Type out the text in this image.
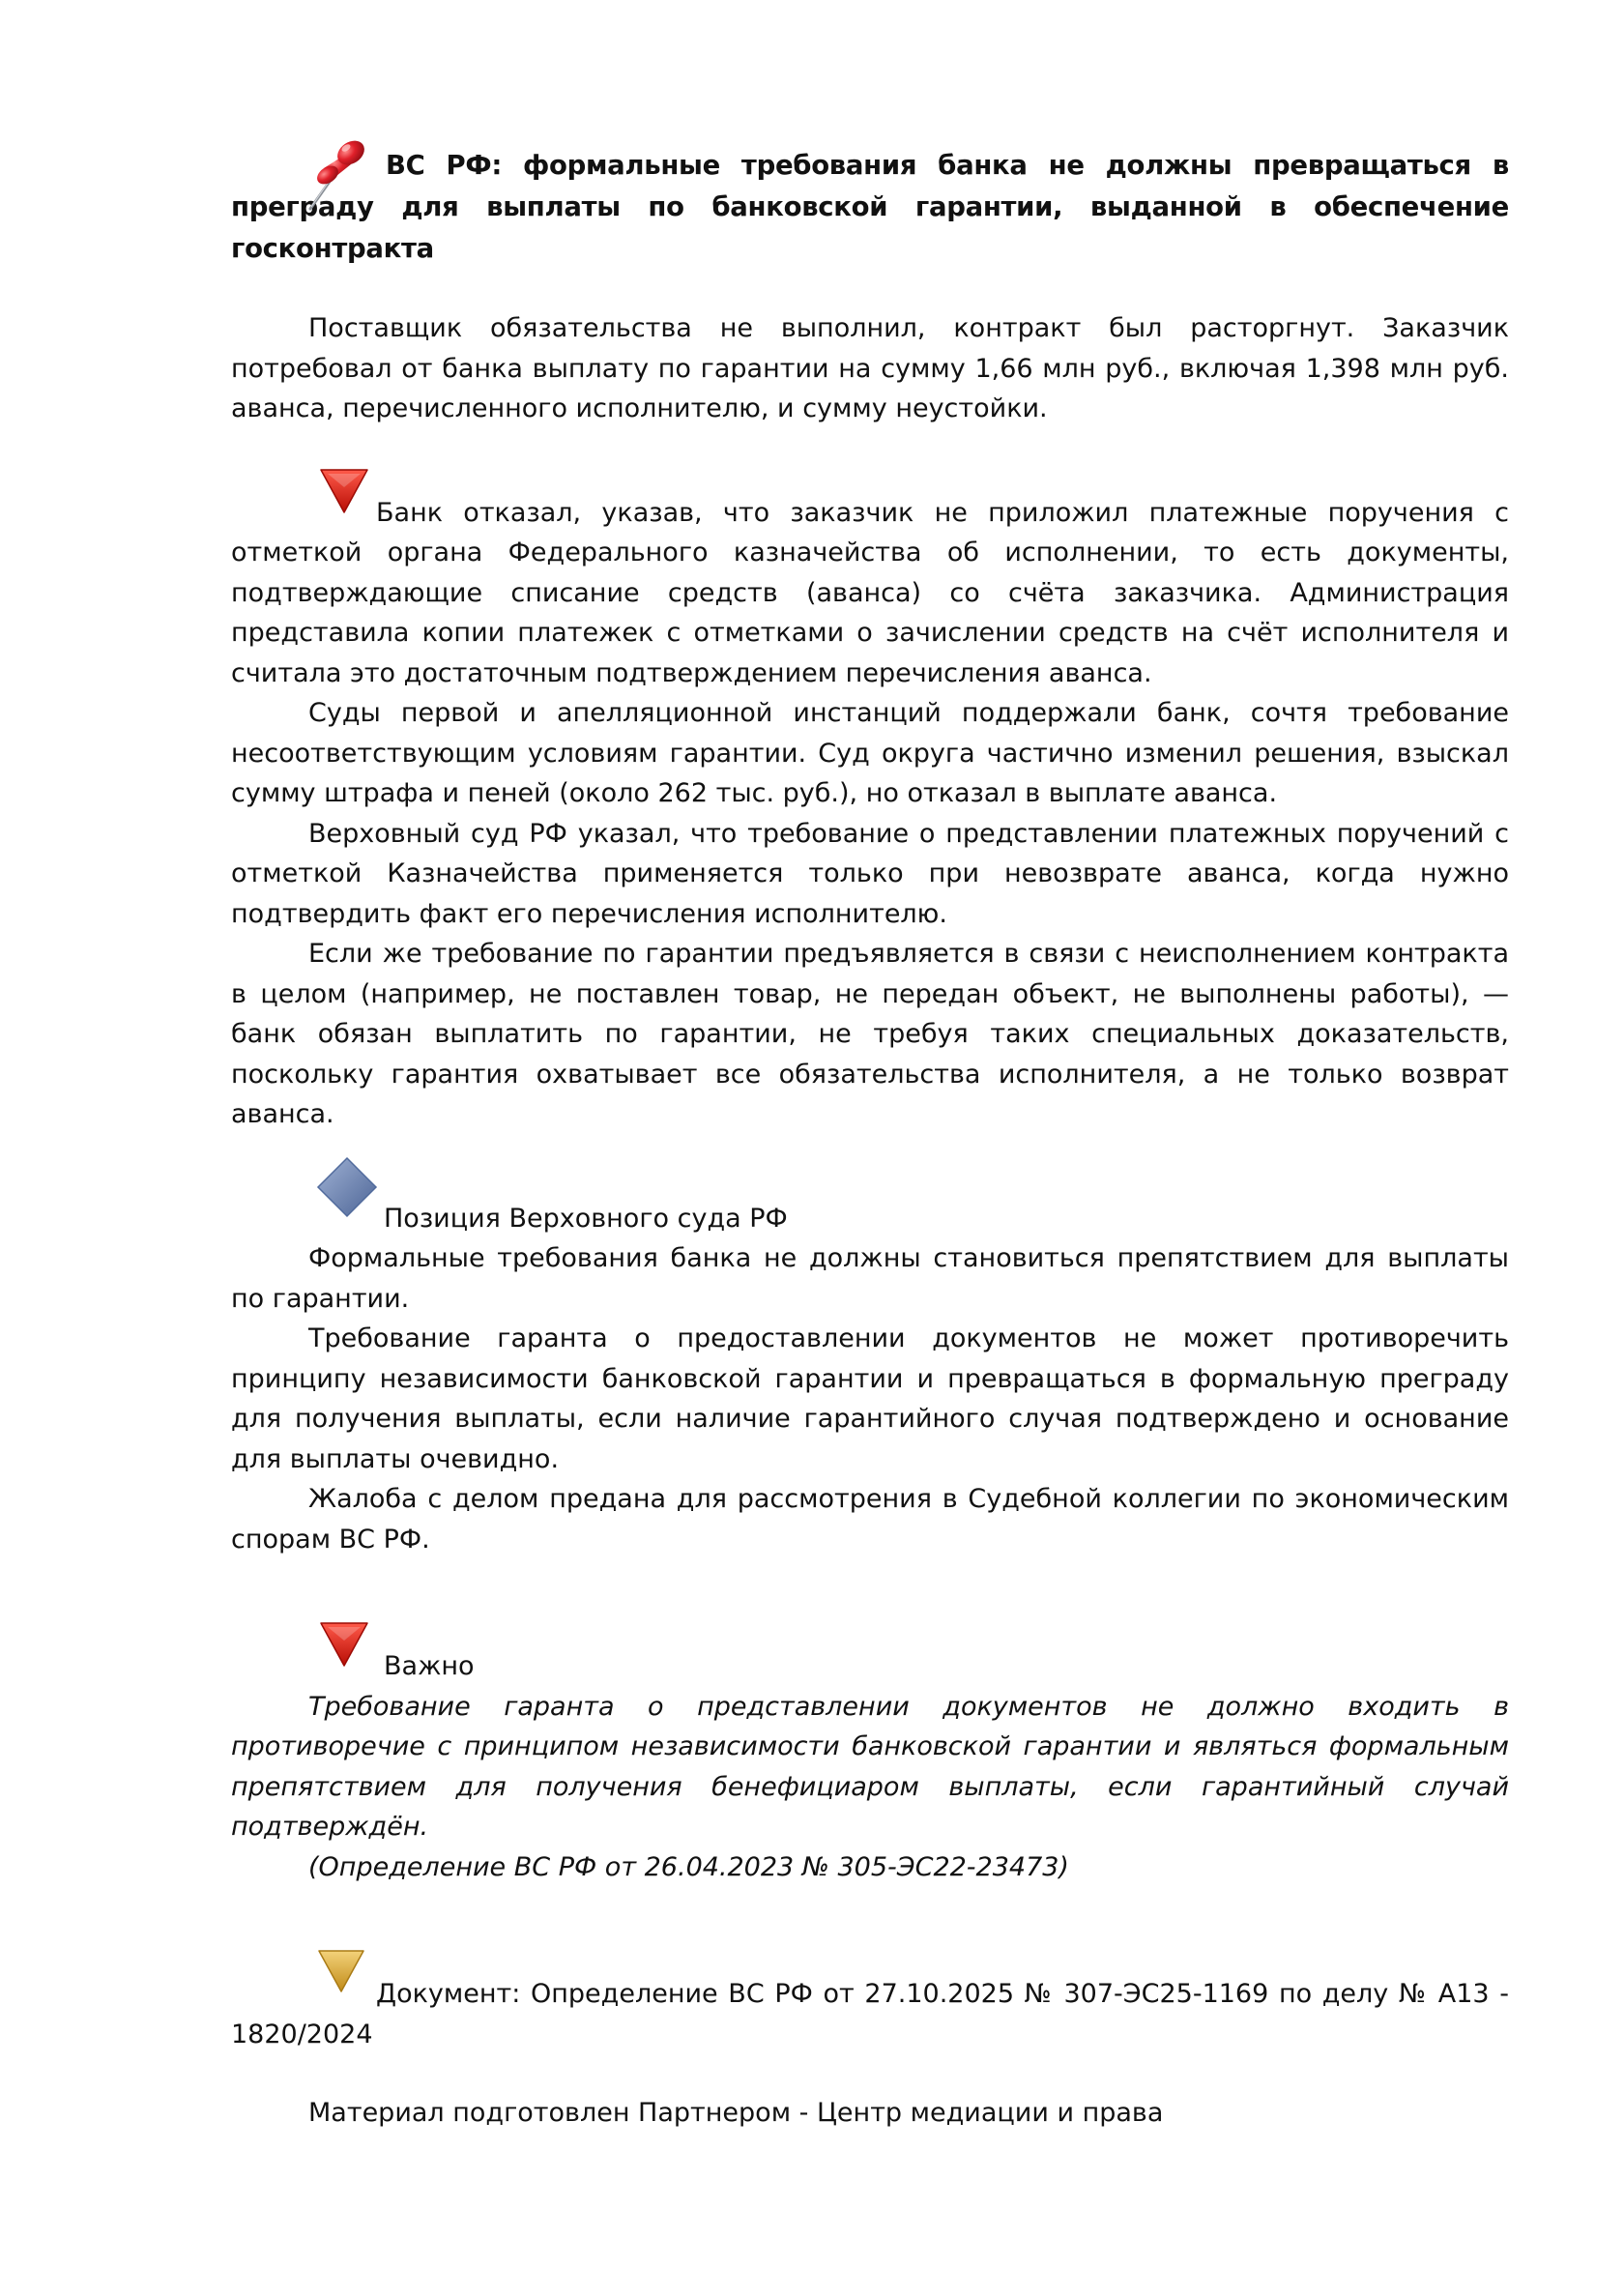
ВС РФ: формальные требования банка не должны превращаться в преграду для выплаты по банковской гарантии, выданной в обеспечение госконтракта

Поставщик обязательства не выполнил, контракт был расторгнут. Заказчик потребовал от банка выплату по гарантии на сумму 1,66 млн руб., включая 1,398 млн руб. аванса, перечисленного исполнителю, и сумму неустойки.

Банк отказал, указав, что заказчик не приложил платежные поручения с отметкой органа Федерального казначейства об исполнении, то есть документы, подтверждающие списание средств (аванса) со счёта заказчика. Администрация представила копии платежек с отметками о зачислении средств на счёт исполнителя и считала это достаточным подтверждением перечисления аванса.

Суды первой и апелляционной инстанций поддержали банк, сочтя требование несоответствующим условиям гарантии. Суд округа частично изменил решения, взыскал сумму штрафа и пеней (около 262 тыс. руб.), но отказал в выплате аванса.

Верховный суд РФ указал, что требование о представлении платежных поручений с отметкой Казначейства применяется только при невозврате аванса, когда нужно подтвердить факт его перечисления исполнителю.

Если же требование по гарантии предъявляется в связи с неисполнением контракта в целом (например, не поставлен товар, не передан объект, не выполнены работы), — банк обязан выплатить по гарантии, не требуя таких специальных доказательств, поскольку гарантия охватывает все обязательства исполнителя, а не только возврат аванса.

Позиция Верховного суда РФ

Формальные требования банка не должны становиться препятствием для выплаты по гарантии.

Требование гаранта о предоставлении документов не может противоречить принципу независимости банковской гарантии и превращаться в формальную преграду для получения выплаты, если наличие гарантийного случая подтверждено и основание для выплаты очевидно.

Жалоба с делом предана для рассмотрения в Судебной коллегии по экономическим спорам ВС РФ.

Важно

Требование гаранта о представлении документов не должно входить в противоречие с принципом независимости банковской гарантии и являться формальным препятствием для получения бенефициаром выплаты, если гарантийный случай подтверждён.

(Определение ВС РФ от 26.04.2023 № 305-ЭС22-23473)

Документ: Определение ВС РФ от 27.10.2025 № 307-ЭС25-1169 по делу № А13 - 1820/2024

Материал подготовлен Партнером - Центр медиации и права
